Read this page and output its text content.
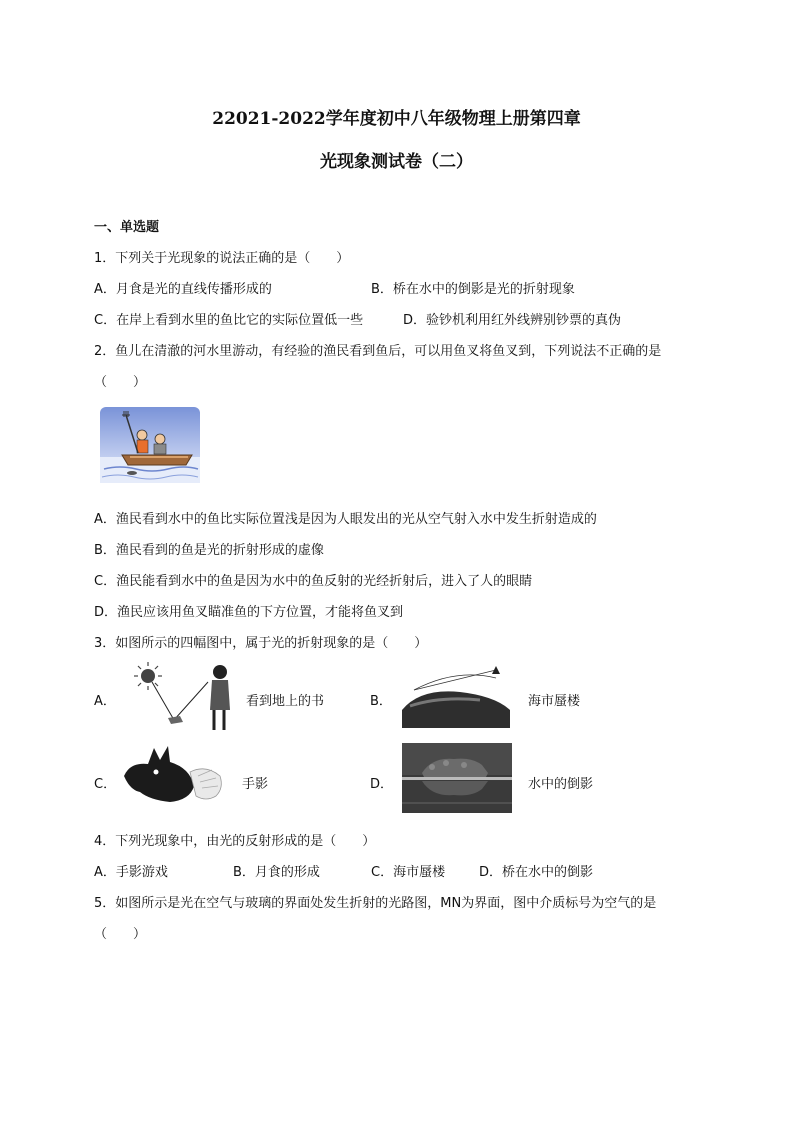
22021-2022学年度初中八年级物理上册第四章
光现象测试卷（二）
一、单选题
1．下列关于光现象的说法正确的是（　　）
A．月食是光的直线传播形成的	B．桥在水中的倒影是光的折射现象
C．在岸上看到水里的鱼比它的实际位置低一些	D．验钞机利用红外线辨别钞票的真伪
2．鱼儿在清澈的河水里游动，有经验的渔民看到鱼后，可以用鱼叉将鱼叉到，下列说法不正确的是
（　　）
A．渔民看到水中的鱼比实际位置浅是因为人眼发出的光从空气射入水中发生折射造成的
B．渔民看到的鱼是光的折射形成的虚像
C．渔民能看到水中的鱼是因为水中的鱼反射的光经折射后，进入了人的眼睛
D．渔民应该用鱼叉瞄准鱼的下方位置，才能将鱼叉到
3．如图所示的四幅图中，属于光的折射现象的是（　　）
A．	看到地上的书	B．	海市蜃楼
C．	手影	D．	水中的倒影
4．下列光现象中，由光的反射形成的是（　　）
A．手影游戏	B．月食的形成	C．海市蜃楼	D．桥在水中的倒影
5．如图所示是光在空气与玻璃的界面处发生折射的光路图，MN为界面，图中介质标号为空气的是
（　　）
